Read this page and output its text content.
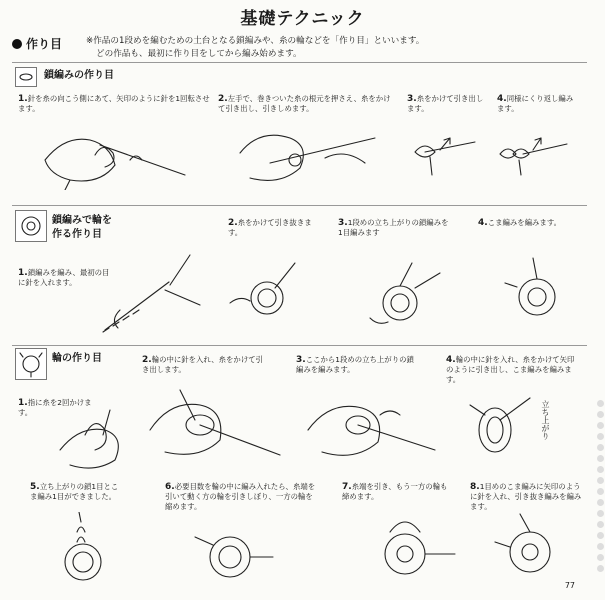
基礎テクニック
作り目	※作品の1段めを編むための土台となる鎖編みや、糸の輪などを「作り目」といいます。
どの作品も、最初に作り目をしてから編み始めます。
鎖編みの作り目
1.針を糸の向こう側にあて、矢印のように針を1回転させます。
2.左手で、巻きついた糸の根元を押さえ、糸をかけて引き出し、引きしめます。
3.糸をかけて引き出します。
4.同様にくり返し編みます。
鎖編みで輪を
作る作り目
1.鎖編みを編み、最初の目に針を入れます。
2.糸をかけて引き抜きます。
3.1段めの立ち上がりの鎖編みを1目編みます
4.こま編みを編みます。
輪の作り目
1.指に糸を2回かけます。
2.輪の中に針を入れ、糸をかけて引き出します。
3.ここから1段めの立ち上がりの鎖編みを編みます。
4.輪の中に針を入れ、糸をかけて矢印のように引き出し、こま編みを編みます。
5.立ち上がりの鎖1目とこま編み1目ができました。
6.必要目数を輪の中に編み入れたら、糸端を引いて動く方の輪を引きしぼり、一方の輪を縮めます。
7.糸端を引き、もう一方の輪も締めます。
8.1目めのこま編みに矢印のように針を入れ、引き抜き編みを編みます。
立ち上がり
77
